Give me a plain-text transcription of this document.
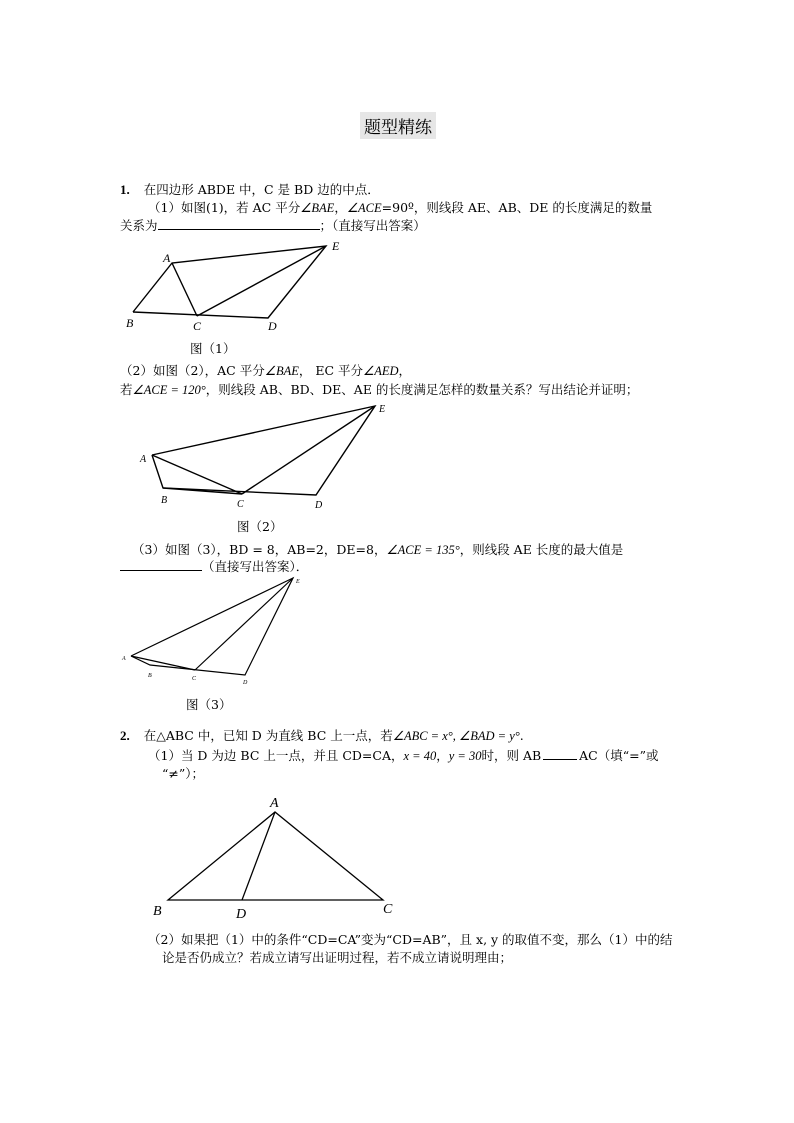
题型精练
1. 在四边形 ABDE 中，C 是 BD 边的中点．
（1）如图(1)，若 AC 平分∠BAE，∠ACE=90º，则线段 AE、AB、DE 的长度满足的数量
关系为	；（直接写出答案）
A
B	C	D
E
图（1）
（2）如图（2），AC 平分∠BAE， EC 平分∠AED，
若∠ACE = 120°，则线段 AB、BD、DE、AE 的长度满足怎样的数量关系？写出结论并证明；
A
B	C	D
E
图（2）
（3）如图（3），BD = 8，AB=2，DE=8，∠ACE = 135°，则线段 AE 长度的最大值是
（直接写出答案）．
A
B	C
D
E
图（3）
2. 在△ABC 中，已知 D 为直线 BC 上一点，若∠ABC = x°, ∠BAD = y°.
（1）当 D 为边 BC 上一点，并且 CD=CA，x = 40，y = 30时，则 AB	AC（填“=”或
“≠”）；
A
B	D	C
（2）如果把（1）中的条件“CD=CA”变为“CD=AB”，且 x, y 的取值不变，那么（1）中的结
论是否仍成立？若成立请写出证明过程，若不成立请说明理由；
